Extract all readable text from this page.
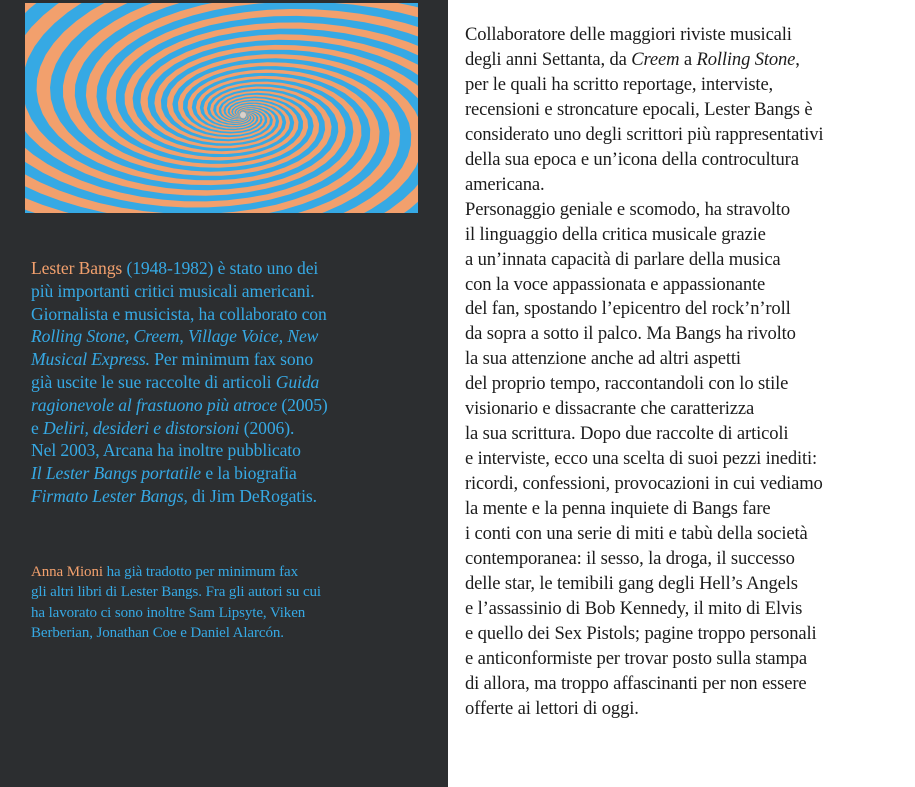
Lester Bangs (1948-1982) è stato uno dei
più importanti critici musicali americani.
Giornalista e musicista, ha collaborato con
Rolling Stone, Creem, Village Voice, New
Musical Express. Per minimum fax sono
già uscite le sue raccolte di articoli Guida
ragionevole al frastuono più atroce (2005)
e Deliri, desideri e distorsioni (2006).
Nel 2003, Arcana ha inoltre pubblicato
Il Lester Bangs portatile e la biografia
Firmato Lester Bangs, di Jim DeRogatis.
Anna Mioni ha già tradotto per minimum fax
gli altri libri di Lester Bangs. Fra gli autori su cui
ha lavorato ci sono inoltre Sam Lipsyte, Viken
Berberian, Jonathan Coe e Daniel Alarcón.
Collaboratore delle maggiori riviste musicali
degli anni Settanta, da Creem a Rolling Stone,
per le quali ha scritto reportage, interviste,
recensioni e stroncature epocali, Lester Bangs è
considerato uno degli scrittori più rappresentativi
della sua epoca e un’icona della controcultura
americana.
Personaggio geniale e scomodo, ha stravolto
il linguaggio della critica musicale grazie
a un’innata capacità di parlare della musica
con la voce appassionata e appassionante
del fan, spostando l’epicentro del rock’n’roll
da sopra a sotto il palco. Ma Bangs ha rivolto
la sua attenzione anche ad altri aspetti
del proprio tempo, raccontandoli con lo stile
visionario e dissacrante che caratterizza
la sua scrittura. Dopo due raccolte di articoli
e interviste, ecco una scelta di suoi pezzi inediti:
ricordi, confessioni, provocazioni in cui vediamo
la mente e la penna inquiete di Bangs fare
i conti con una serie di miti e tabù della società
contemporanea: il sesso, la droga, il successo
delle star, le temibili gang degli Hell’s Angels
e l’assassinio di Bob Kennedy, il mito di Elvis
e quello dei Sex Pistols; pagine troppo personali
e anticonformiste per trovar posto sulla stampa
di allora, ma troppo affascinanti per non essere
offerte ai lettori di oggi.
